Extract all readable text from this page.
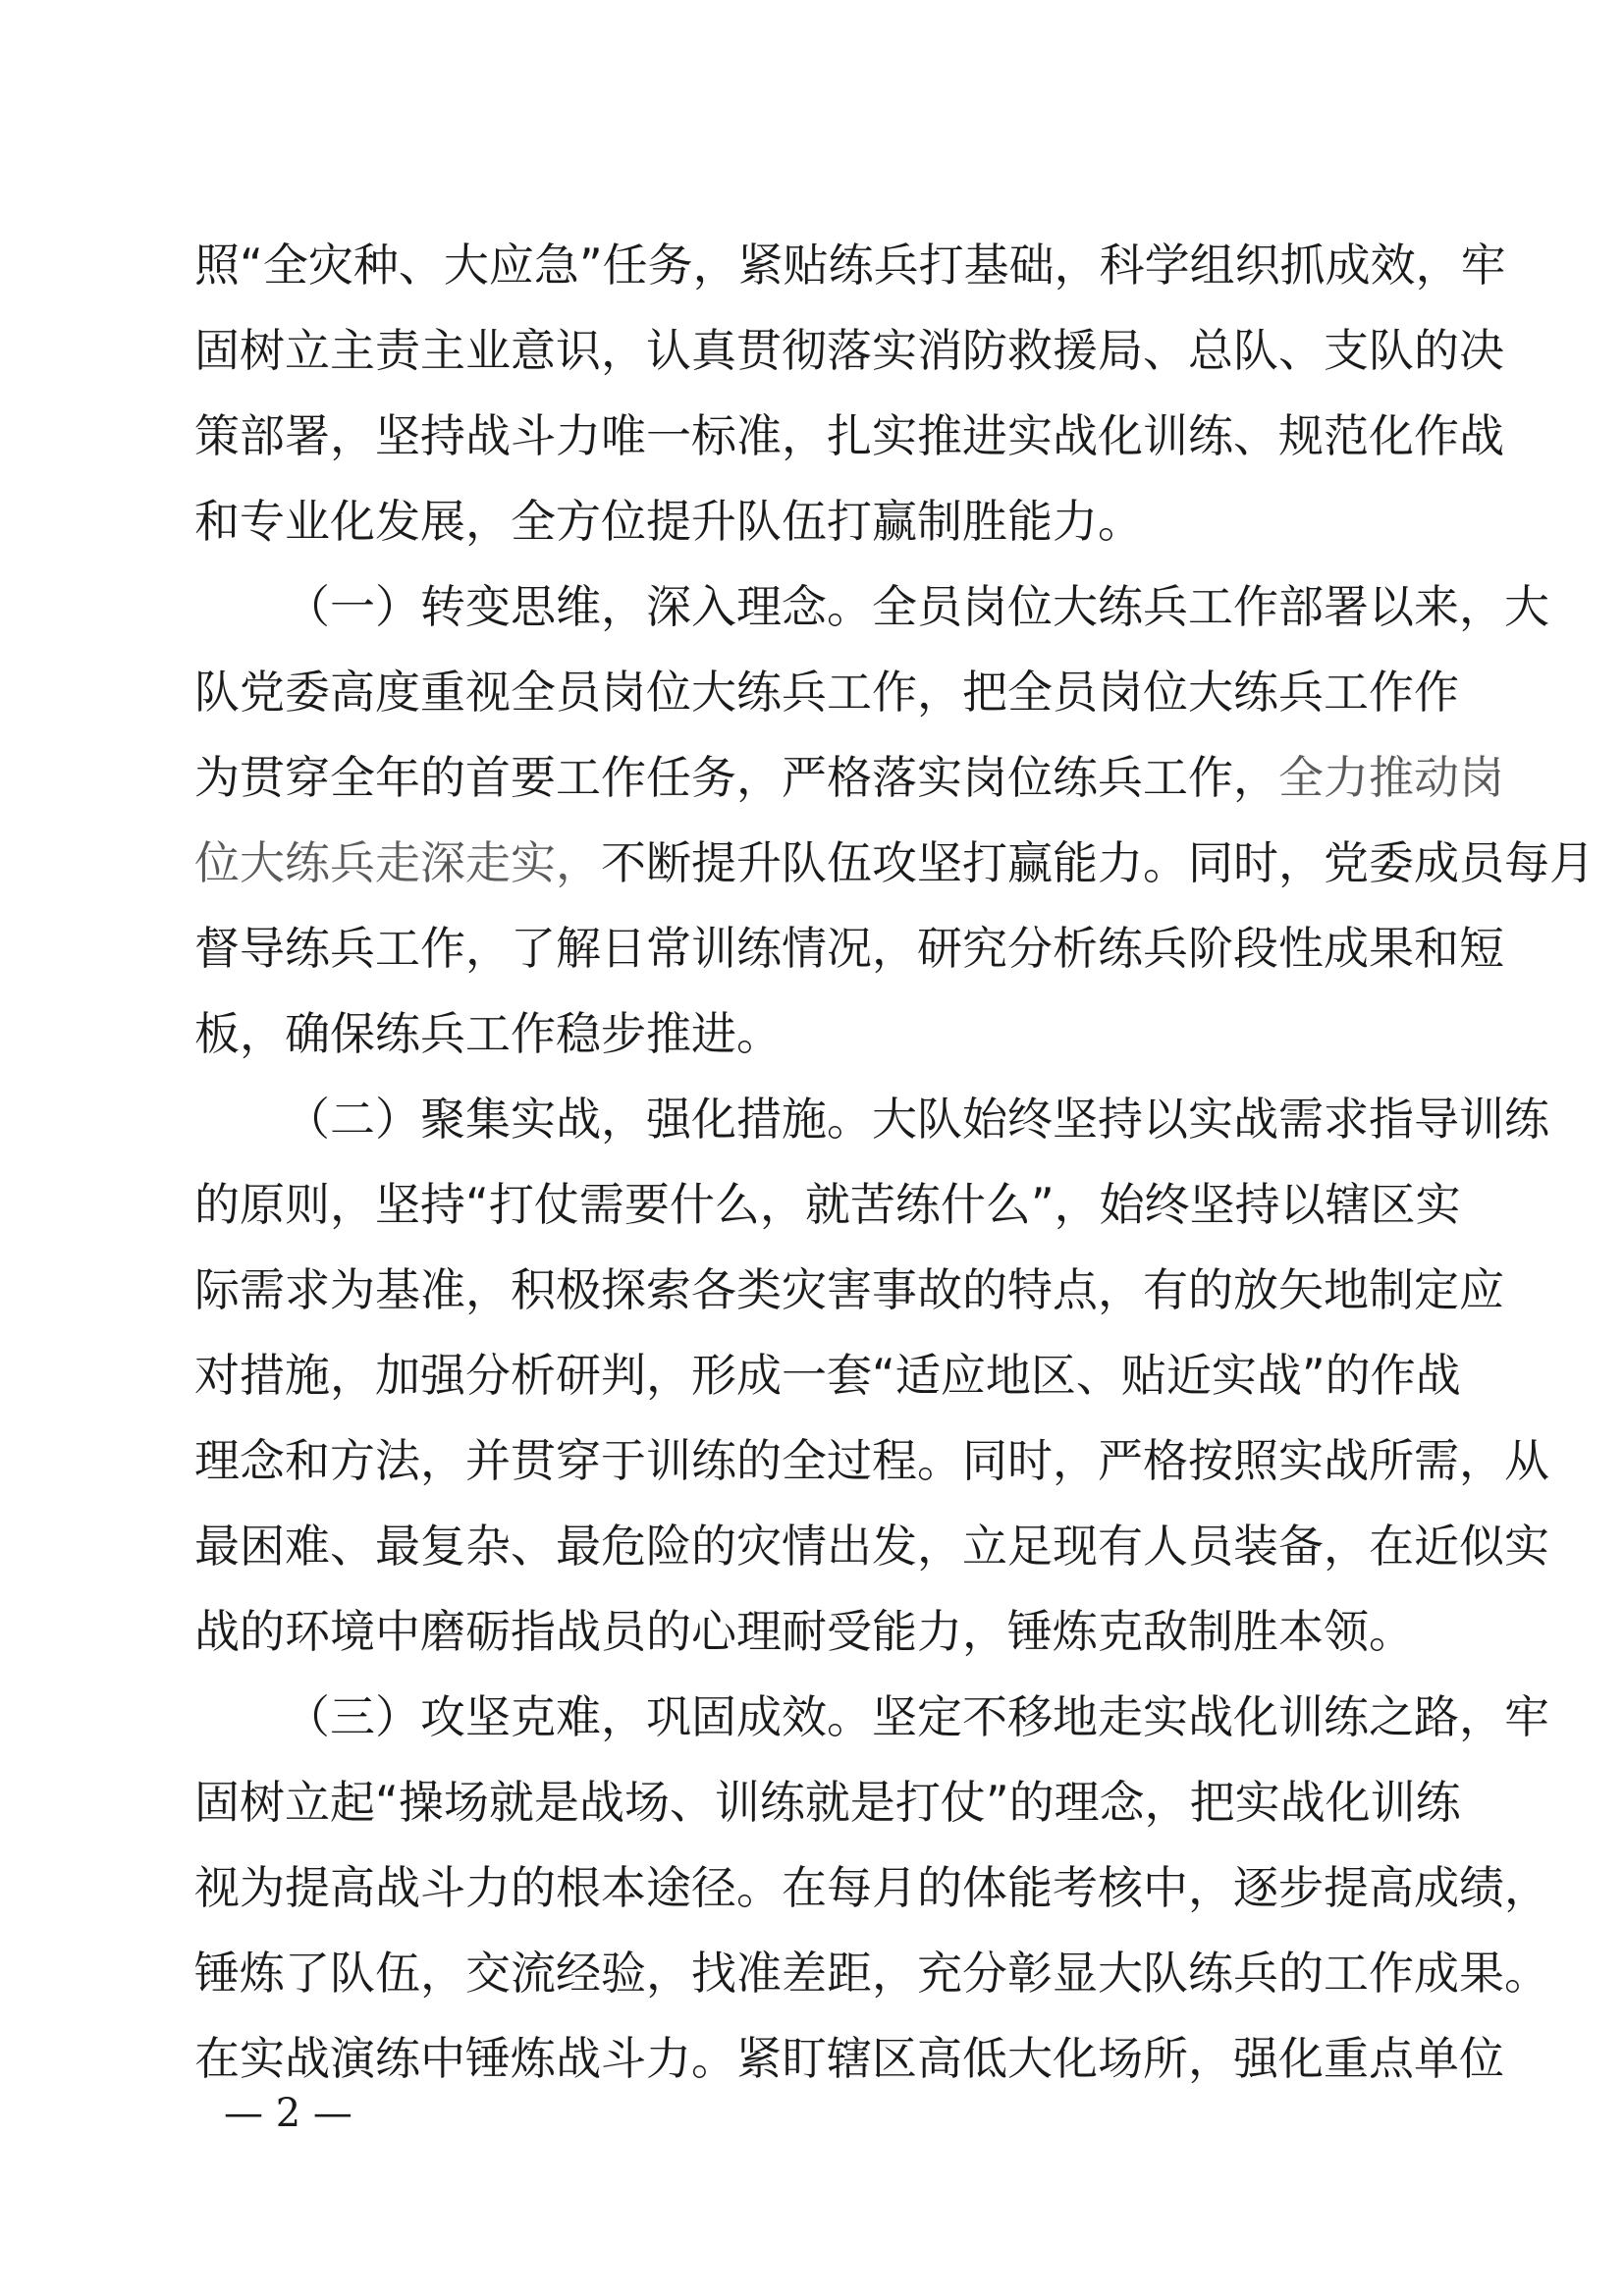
照“全灾种、大应急”任务，紧贴练兵打基础，科学组织抓成效，牢
固树立主责主业意识，认真贯彻落实消防救援局、总队、支队的决
策部署，坚持战斗力唯一标准，扎实推进实战化训练、规范化作战
和专业化发展，全方位提升队伍打赢制胜能力。
（一）转变思维，深入理念。全员岗位大练兵工作部署以来，大
队党委高度重视全员岗位大练兵工作，把全员岗位大练兵工作作
为贯穿全年的首要工作任务，严格落实岗位练兵工作，全力推动岗
位大练兵走深走实，不断提升队伍攻坚打赢能力。同时，党委成员每月
督导练兵工作，了解日常训练情况，研究分析练兵阶段性成果和短
板，确保练兵工作稳步推进。
（二）聚集实战，强化措施。大队始终坚持以实战需求指导训练
的原则，坚持“打仗需要什么，就苦练什么”，始终坚持以辖区实
际需求为基准，积极探索各类灾害事故的特点，有的放矢地制定应
对措施，加强分析研判，形成一套“适应地区、贴近实战”的作战
理念和方法，并贯穿于训练的全过程。同时，严格按照实战所需，从
最困难、最复杂、最危险的灾情出发，立足现有人员装备，在近似实
战的环境中磨砺指战员的心理耐受能力，锤炼克敌制胜本领。
（三）攻坚克难，巩固成效。坚定不移地走实战化训练之路，牢
固树立起“操场就是战场、训练就是打仗”的理念，把实战化训练
视为提高战斗力的根本途径。在每月的体能考核中，逐步提高成绩，
锤炼了队伍，交流经验，找准差距，充分彰显大队练兵的工作成果。
在实战演练中锤炼战斗力。紧盯辖区高低大化场所，强化重点单位
— 2 —
